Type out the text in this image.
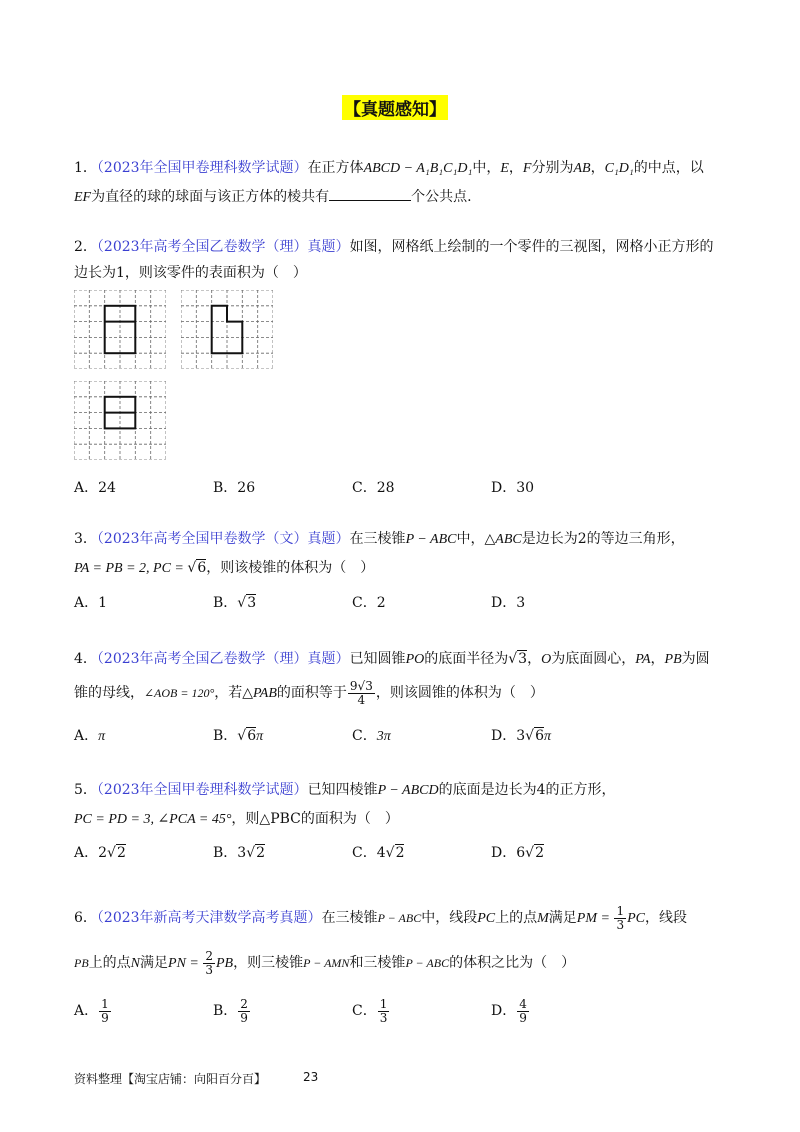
【真题感知】
1．（2023年全国甲卷理科数学试题）在正方体ABCD − A₁B₁C₁D₁中，E，F分别为AB，C₁D₁的中点，以
EF为直径的球的球面与该正方体的棱共有	个公共点.
2．（2023年高考全国乙卷数学（理）真题）如图，网格纸上绘制的一个零件的三视图，网格小正方形的
边长为1，则该零件的表面积为（　）
A．24	B．26	C．28	D．30
3．（2023年高考全国甲卷数学（文）真题）在三棱锥P − ABC中，△ABC是边长为2的等边三角形，
PA = PB = 2, PC = √6，则该棱锥的体积为（　）
A．1	B．√3	C．2	D．3
4．（2023年高考全国乙卷数学（理）真题）已知圆锥PO的底面半径为√3，O为底面圆心，PA，PB为圆
锥的母线，∠AOB = 120°，若△PAB的面积等于 $\frac{9√3}{4}$ ，则该圆锥的体积为（　）
A．π	B．√6π	C．3π	D．3√6π
5．（2023年全国甲卷理科数学试题）已知四棱锥P − ABCD的底面是边长为4的正方形，
PC = PD = 3, ∠PCA = 45°，则△PBC的面积为（　）
A．2√2	B．3√2	C．4√2	D．6√2
6．（2023年新高考天津数学高考真题）在三棱锥P − ABC中，线段PC上的点M满足PM = $\frac{1}{3}$ PC，线段
PB上的点N满足PN = $\frac{2}{3}$ PB，则三棱锥P − AMN和三棱锥P − ABC的体积之比为（　）
A． $\frac{1}{9}$	B． $\frac{2}{9}$	C． $\frac{1}{3}$	D． $\frac{4}{9}$
资料整理【淘宝店铺：向阳百分百】	23
